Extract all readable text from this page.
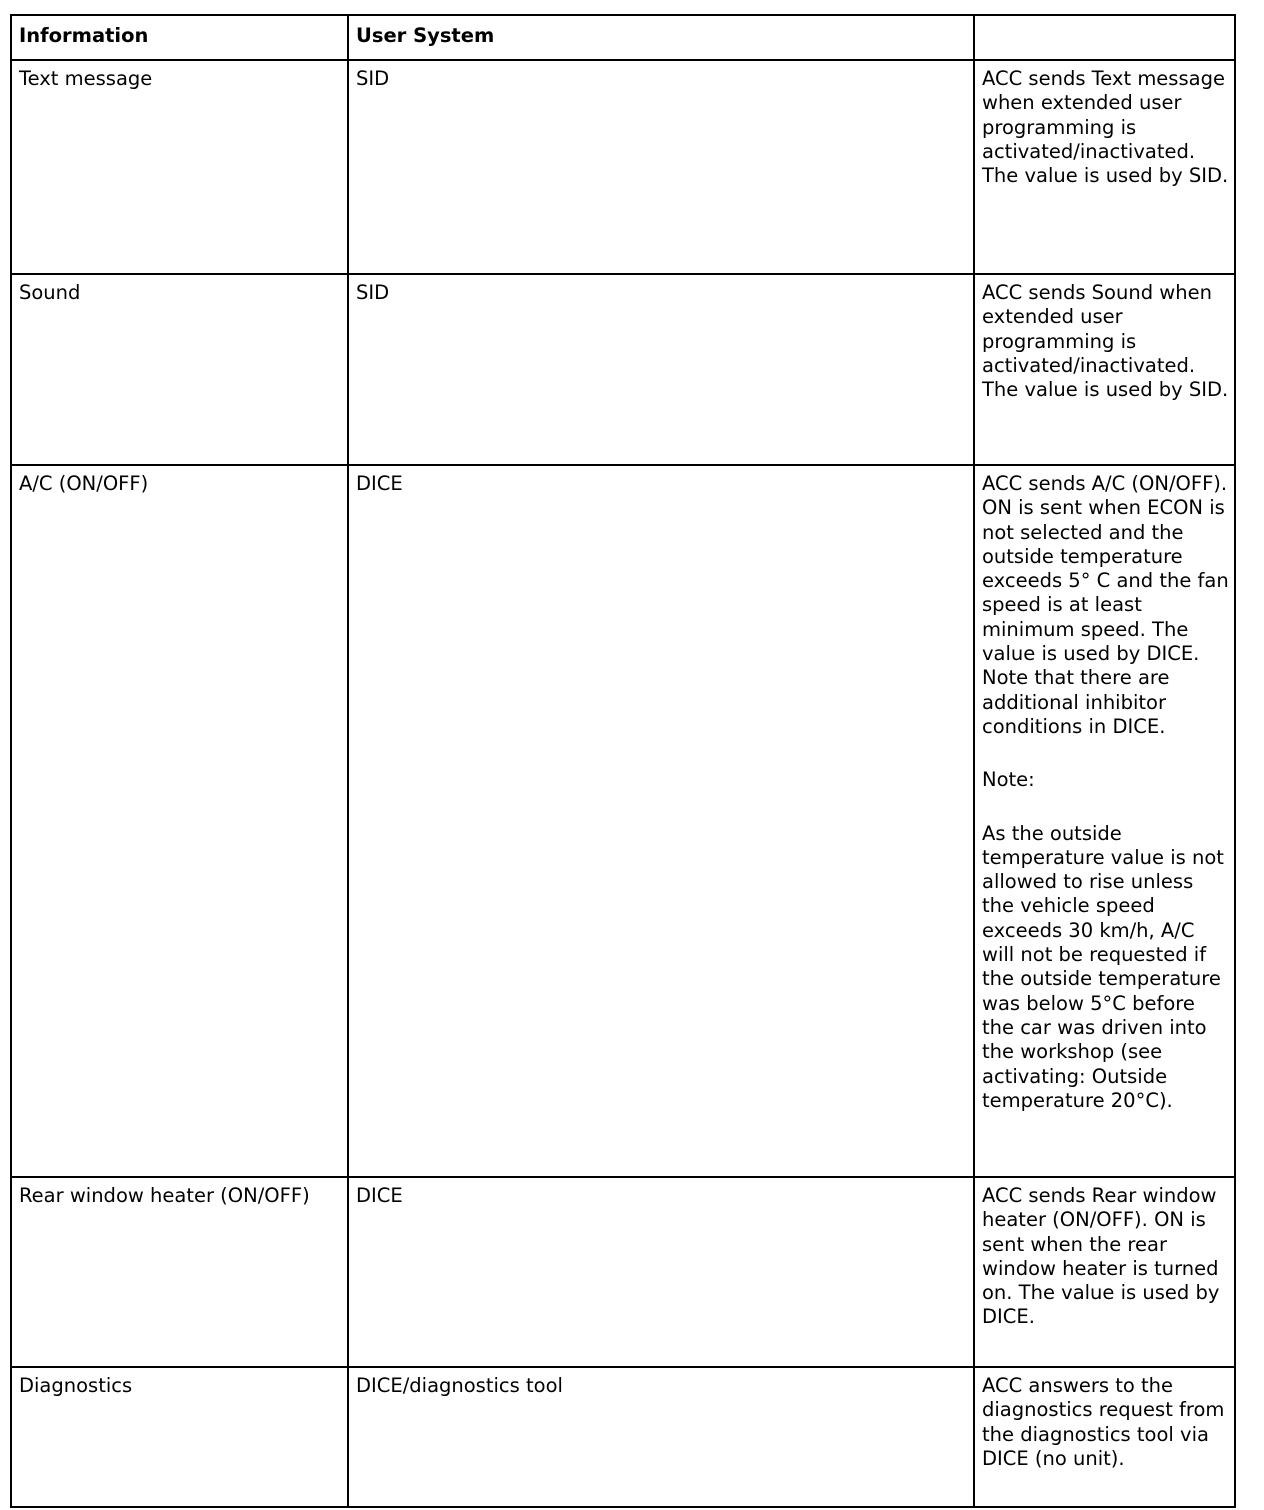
Information	User System	
Text message	SID	ACC sends Text message when extended user programming is activated/inactivated. The value is used by SID.

Sound	SID	ACC sends Sound when extended user programming is activated/inactivated. The value is used by SID.

A/C (ON/OFF)	DICE	ACC sends A/C (ON/OFF). ON is sent when ECON is not selected and the outside temperature exceeds 5° C and the fan speed is at least minimum speed. The value is used by DICE. Note that there are additional inhibitor conditions in DICE.

Note:

As the outside temperature value is not allowed to rise unless the vehicle speed exceeds 30 km/h, A/C will not be requested if the outside temperature was below 5°C before the car was driven into the workshop (see activating: Outside temperature 20°C).

Rear window heater (ON/OFF)	DICE	ACC sends Rear window heater (ON/OFF). ON is sent when the rear window heater is turned on. The value is used by DICE.

Diagnostics	DICE/diagnostics tool	ACC answers to the diagnostics request from the diagnostics tool via DICE (no unit).
